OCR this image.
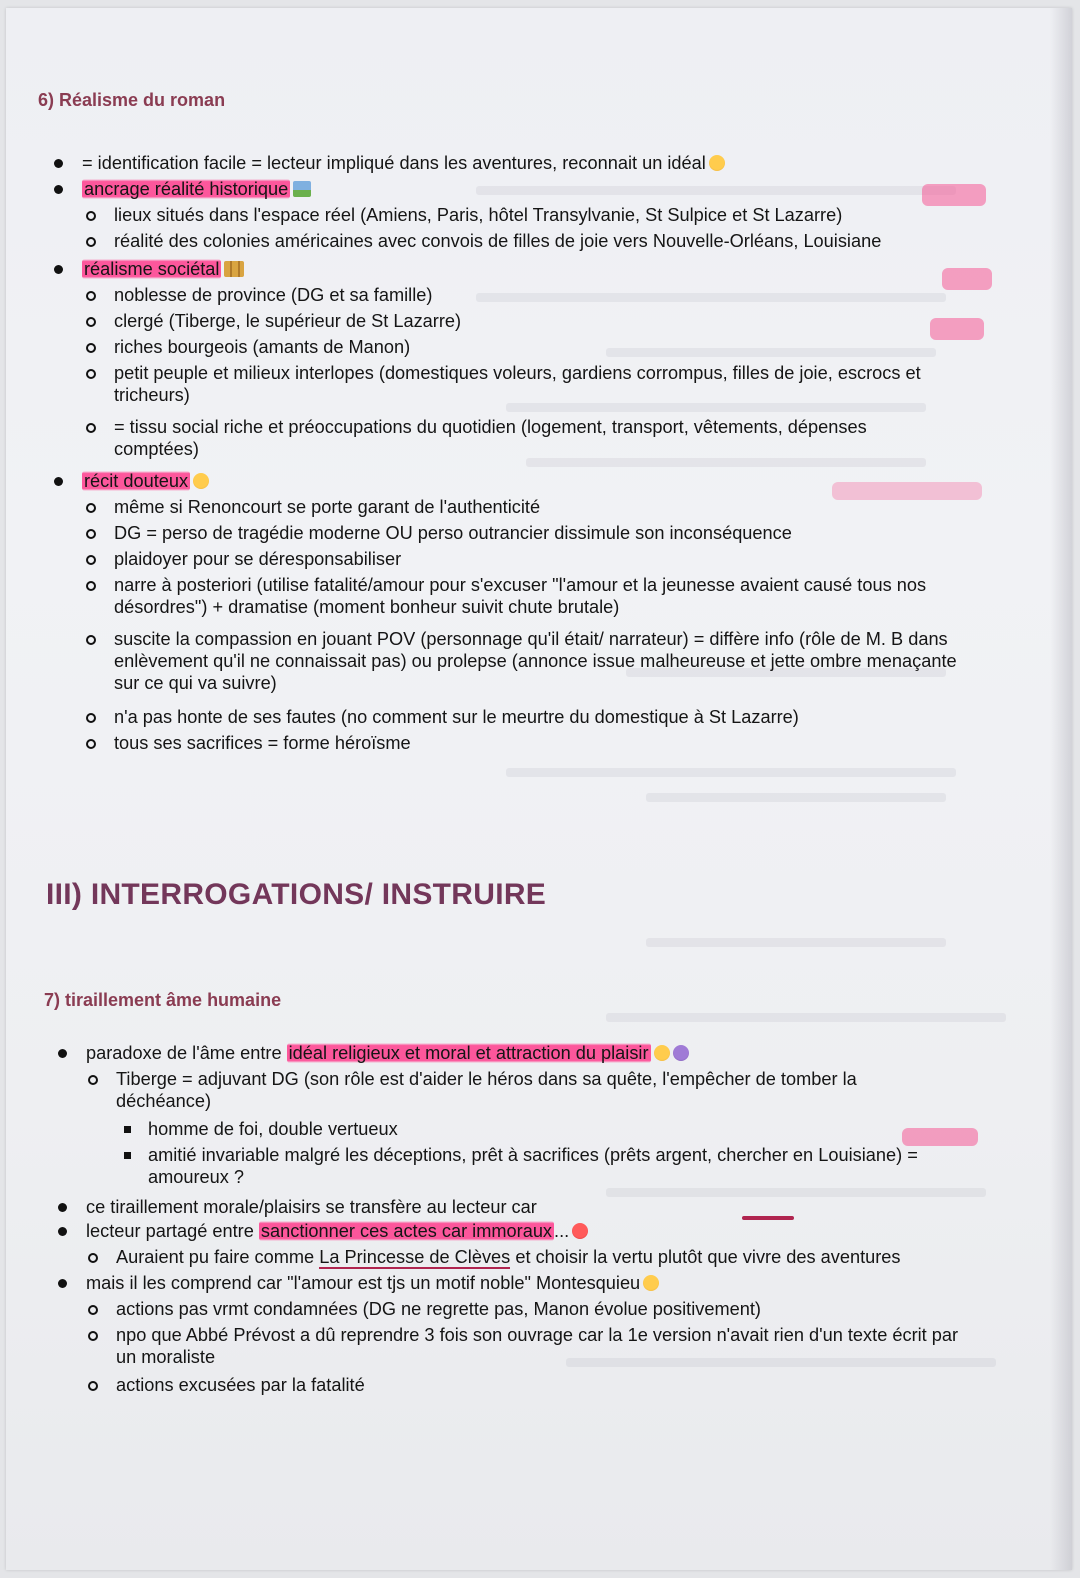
6) Réalisme du roman
= identification facile = lecteur impliqué dans les aventures, reconnait un idéal
ancrage réalité historique
lieux situés dans l'espace réel (Amiens, Paris, hôtel Transylvanie, St Sulpice et St Lazarre)
réalité des colonies américaines avec convois de filles de joie vers Nouvelle-Orléans, Louisiane
réalisme sociétal
noblesse de province (DG et sa famille)
clergé (Tiberge, le supérieur de St Lazarre)
riches bourgeois (amants de Manon)
petit peuple et milieux interlopes (domestiques voleurs, gardiens corrompus, filles de joie, escrocs et tricheurs)
= tissu social riche et préoccupations du quotidien (logement, transport, vêtements, dépenses comptées)
récit douteux
même si Renoncourt se porte garant de l'authenticité
DG = perso de tragédie moderne OU perso outrancier dissimule son inconséquence
plaidoyer pour se déresponsabiliser
narre à posteriori (utilise fatalité/amour pour s'excuser "l'amour et la jeunesse avaient causé tous nos désordres") + dramatise (moment bonheur suivit chute brutale)
suscite la compassion en jouant POV (personnage qu'il était/ narrateur) = diffère info (rôle de M. B dans enlèvement qu'il ne connaissait pas) ou prolepse (annonce issue malheureuse et jette ombre menaçante sur ce qui va suivre)
n'a pas honte de ses fautes (no comment sur le meurtre du domestique à St Lazarre)
tous ses sacrifices = forme héroïsme
III) INTERROGATIONS/ INSTRUIRE
7) tiraillement âme humaine
paradoxe de l'âme entre idéal religieux et moral et attraction du plaisir
Tiberge = adjuvant DG (son rôle est d'aider le héros dans sa quête, l'empêcher de tomber la déchéance)
homme de foi, double vertueux
amitié invariable malgré les déceptions, prêt à sacrifices (prêts argent, chercher en Louisiane) = amoureux ?
ce tiraillement morale/plaisirs se transfère au lecteur car
lecteur partagé entre sanctionner ces actes car immoraux ...
Auraient pu faire comme La Princesse de Clèves et choisir la vertu plutôt que vivre des aventures
mais il les comprend car "l'amour est tjs un motif noble" Montesquieu
actions pas vrmt condamnées (DG ne regrette pas, Manon évolue positivement)
npo que Abbé Prévost a dû reprendre 3 fois son ouvrage car la 1e version n'avait rien d'un texte écrit par un moraliste
actions excusées par la fatalité
